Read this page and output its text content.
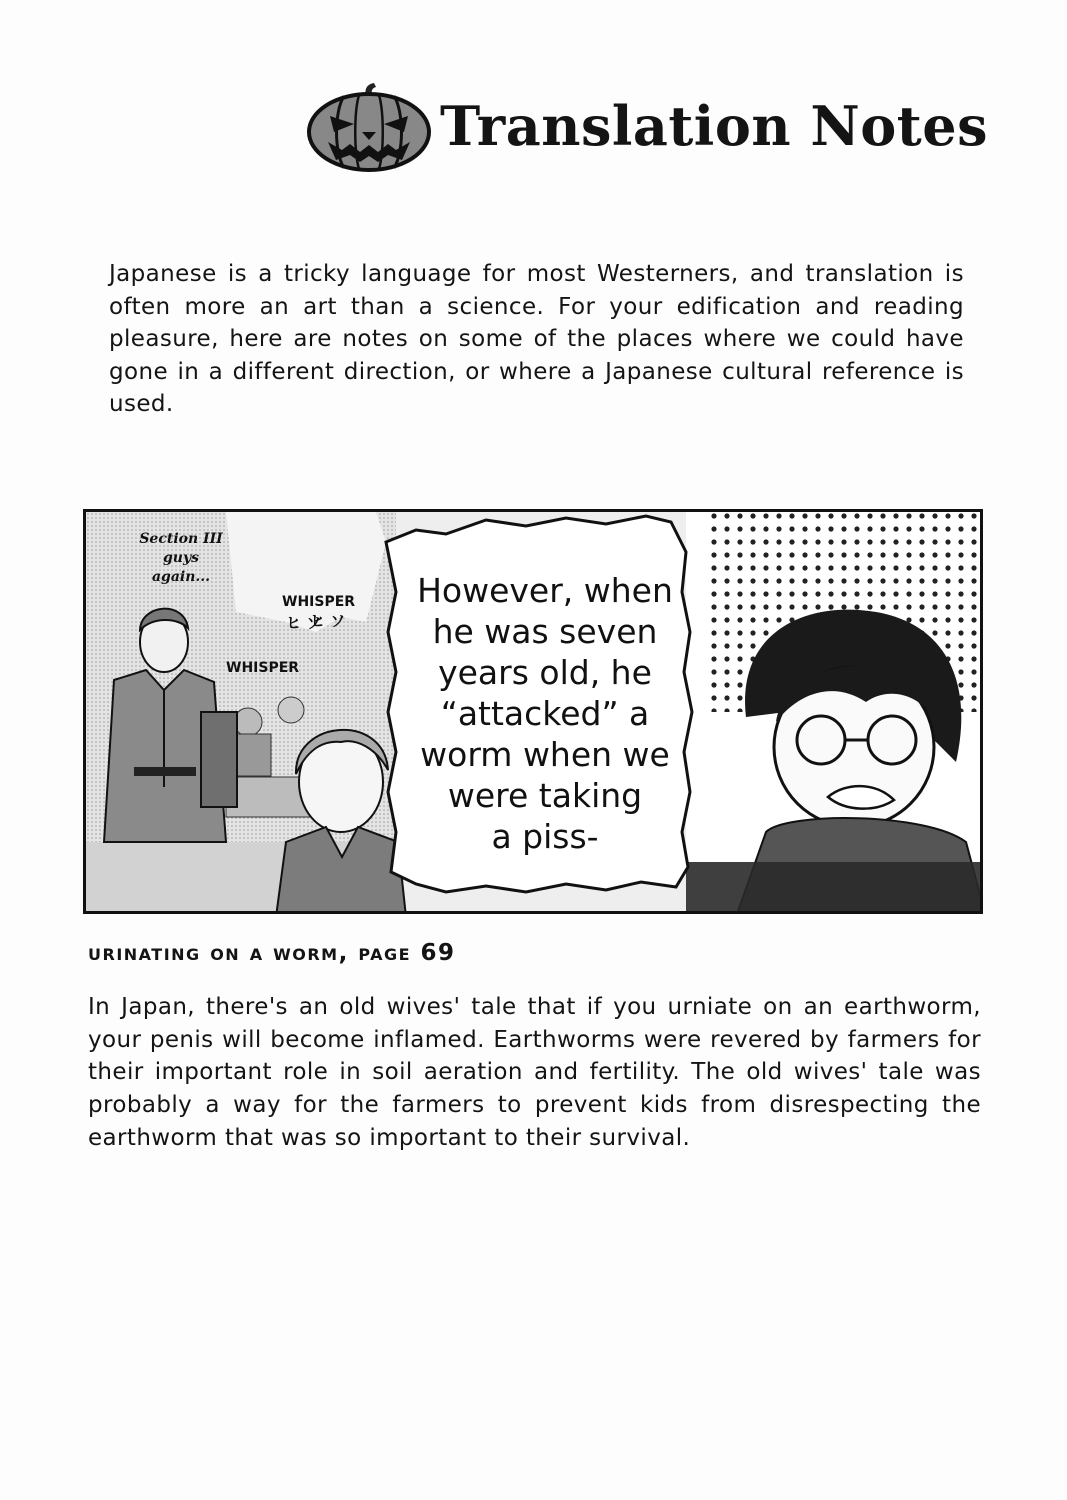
Translation Notes

Japanese is a tricky language for most Westerners, and translation is often more an art than a science. For your edification and reading pleasure, here are notes on some of the places where we could have gone in a different direction, or where a Japanese cultural reference is used.

Section III guys again...
WHISPER
WHISPER
ヒ ソ
ヒ ソ
However, when
he was seven
years old, he
“attacked” a
worm when we
were taking
a piss-
urinating on a worm, page 69

In Japan, there's an old wives' tale that if you urniate on an earthworm, your penis will become inflamed. Earthworms were revered by farmers for their important role in soil aeration and fertility. The old wives' tale was probably a way for the farmers to prevent kids from disrespecting the earthworm that was so important to their survival.
